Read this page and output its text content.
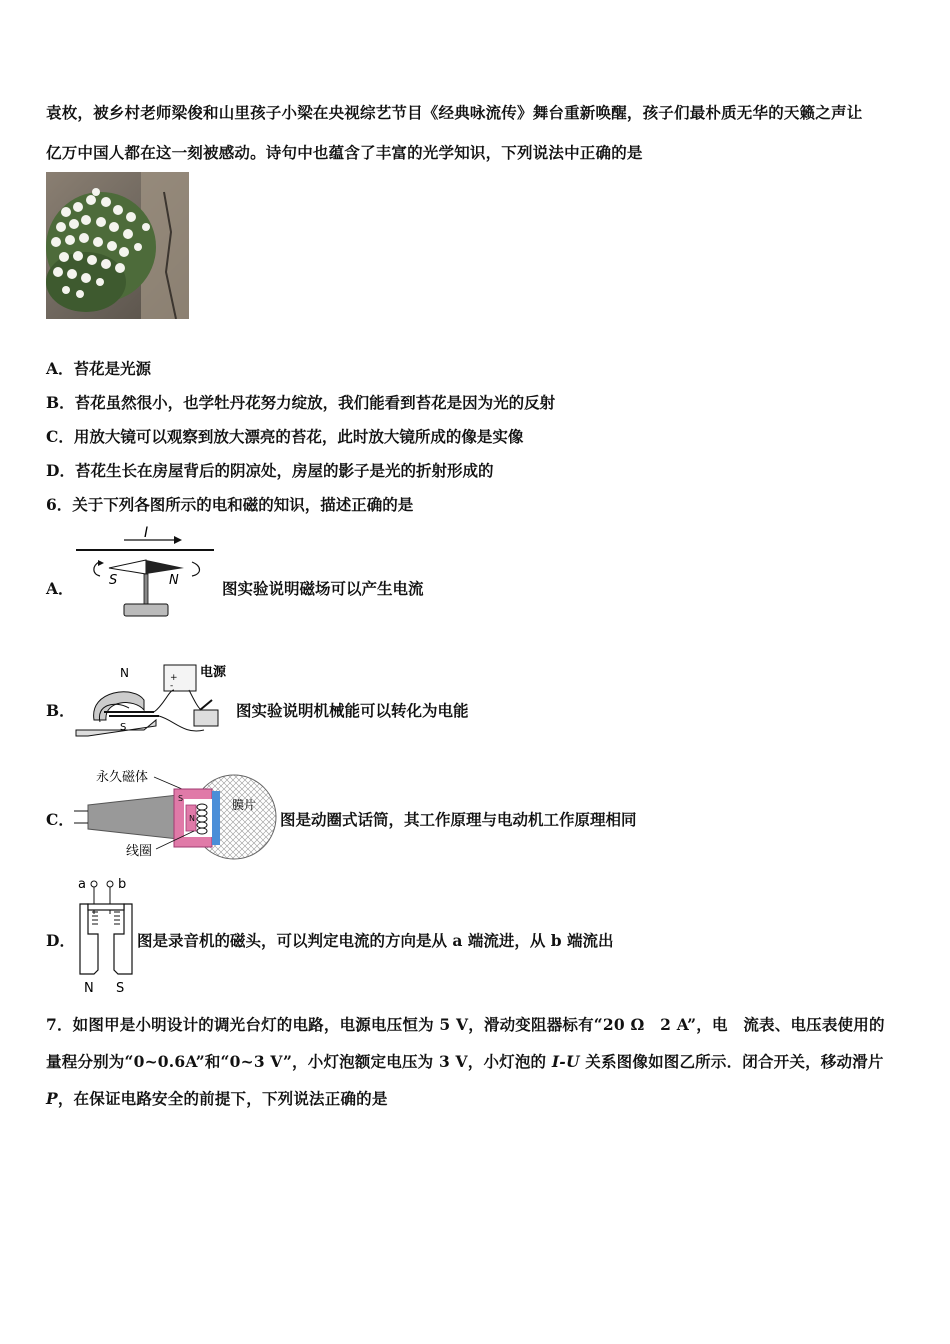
袁枚，被乡村老师梁俊和山里孩子小梁在央视综艺节目《经典咏流传》舞台重新唤醒，孩子们最朴质无华的天籁之声让
亿万中国人都在这一刻被感动。诗句中也蕴含了丰富的光学知识，下列说法中正确的是
A．苔花是光源
B．苔花虽然很小，也学牡丹花努力绽放，我们能看到苔花是因为光的反射
C．用放大镜可以观察到放大漂亮的苔花，此时放大镜所成的像是实像
D．苔花生长在房屋背后的阴凉处，房屋的影子是光的折射形成的
6．关于下列各图所示的电和磁的知识，描述正确的是
A．
I
S	N	图实验说明磁场可以产生电流
B．
N
S
+
-
电源
图实验说明机械能可以转化为电能
C．
永久磁体
S
N
膜片
线圈
图是动圈式话筒，其工作原理与电动机工作原理相同
D．
a b
N S
图是录音机的磁头，可以判定电流的方向是从 a 端流进，从 b 端流出
7．如图甲是小明设计的调光台灯的电路，电源电压恒为 5 V，滑动变阻器标有“20 Ω　2 A”，电　流表、电压表使用的
量程分别为“0~0.6A”和“0~3 V”，小灯泡额定电压为 3 V，小灯泡的 I-U 关系图像如图乙所示．闭合开关，移动滑片
P，在保证电路安全的前提下，下列说法正确的是
